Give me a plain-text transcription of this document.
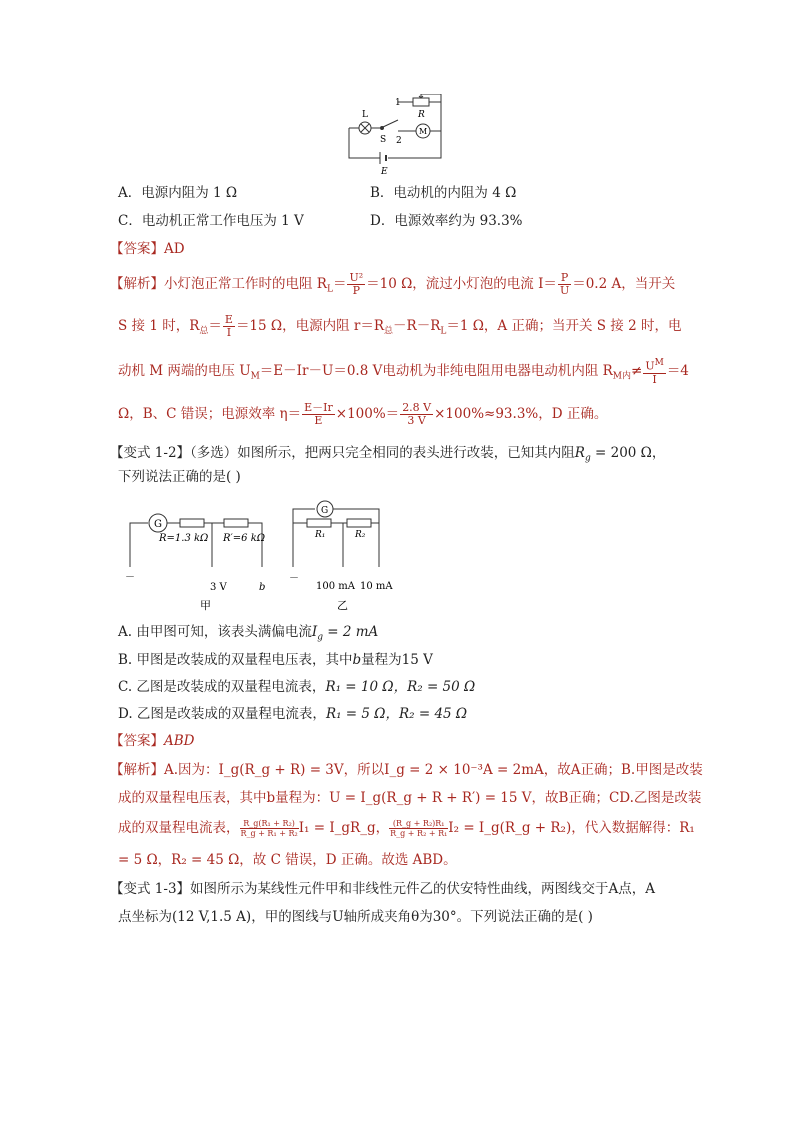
L
S
1
2
R
M
E
A．电源内阻为 1 Ω	B．电动机的内阻为 4 Ω
C．电动机正常工作电压为 1 V	D．电源效率约为 93.3%
【答案】AD
【解析】小灯泡正常工作时的电阻 $R_L= \frac{\text{U²}}{P} =10$ Ω，流过小灯泡的电流 $I= \frac{P}{U} =0.2$ A，当开关
S 接 1 时，$R_总= \frac{E}{I} =15$ Ω，电源内阻 $r=R_总-R-R_L=1$ Ω，A 正确；当开关 S 接 2 时，电
动机 M 两端的电压 $U_M=E-Ir-U=0.8$ V电动机为非纯电阻用电器电动机内阻 $R_{M内}\ne \frac{U^M}{I} =4$
Ω，B、C 错误；电源效率 $\eta= \frac{E-Ir}{E} \times 100\%= \frac{2.8 V}{3 V} \times 100\%\approx 93.3\%$，D 正确。
【变式 1-2】（多选）如图所示，把两只完全相同的表头进行改装，已知其内阻$R_g = 200$ Ω，
下列说法正确的是( )
G
R=1.3 kΩ R′=6 kΩ
－
3 V	b
甲
G
R₁	R₂
－
100 mA 10 mA
乙
A. 由甲图可知，该表头满偏电流$I_g = 2$ mA
B. 甲图是改装成的双量程电压表，其中b量程为15 V
C. 乙图是改装成的双量程电流表，R₁ = 10 Ω，R₂ = 50 Ω
D. 乙图是改装成的双量程电流表，R₁ = 5 Ω，R₂ = 45 Ω
【答案】ABD
【解析】A.因为：I_g(R_g + R) = 3V，所以I_g = 2 × 10⁻³A = 2mA，故A正确；B.甲图是改装
成的双量程电压表，其中b量程为：U = I_g(R_g + R + R′) = 15 V，故B正确；CD.乙图是改装
成的双量程电流表， $\frac{\text{R\_g(R₁ + R₂)}}{\text{R\_g + R₁ + R₂}} I_1$ = I_gR_g， $\frac{\text{(R\_g + R₂)R₁}}{\text{R\_g + R₂ + R₁}} I_2$ = I_g(R_g + R₂)，代入数据解得：R₁
= 5 Ω，R₂ = 45 Ω，故 C 错误，D 正确。故选 ABD。
【变式 1-3】如图所示为某线性元件甲和非线性元件乙的伏安特性曲线，两图线交于A点，A
点坐标为(12 V,1.5 A)，甲的图线与U轴所成夹角θ为30°。下列说法正确的是( )
